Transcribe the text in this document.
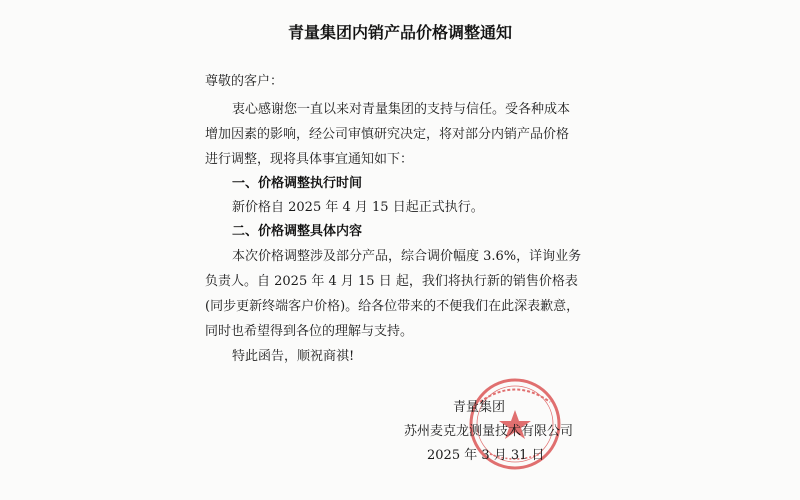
青量集团内销产品价格调整通知
尊敬的客户：
衷心感谢您一直以来对青量集团的支持与信任。受各种成本
增加因素的影响，经公司审慎研究决定，将对部分内销产品价格
进行调整，现将具体事宜通知如下：
一、价格调整执行时间
新价格自 2025 年 4 月 15 日起正式执行。
二、价格调整具体内容
本次价格调整涉及部分产品，综合调价幅度 3.6%，详询业务
负责人。自 2025 年 4 月 15 日 起，我们将执行新的销售价格表
(同步更新终端客户价格)。给各位带来的不便我们在此深表歉意，
同时也希望得到各位的理解与支持。
特此函告，顺祝商祺!
青量集团
苏州麦克龙测量技术有限公司
2025 年 3 月 31 日
